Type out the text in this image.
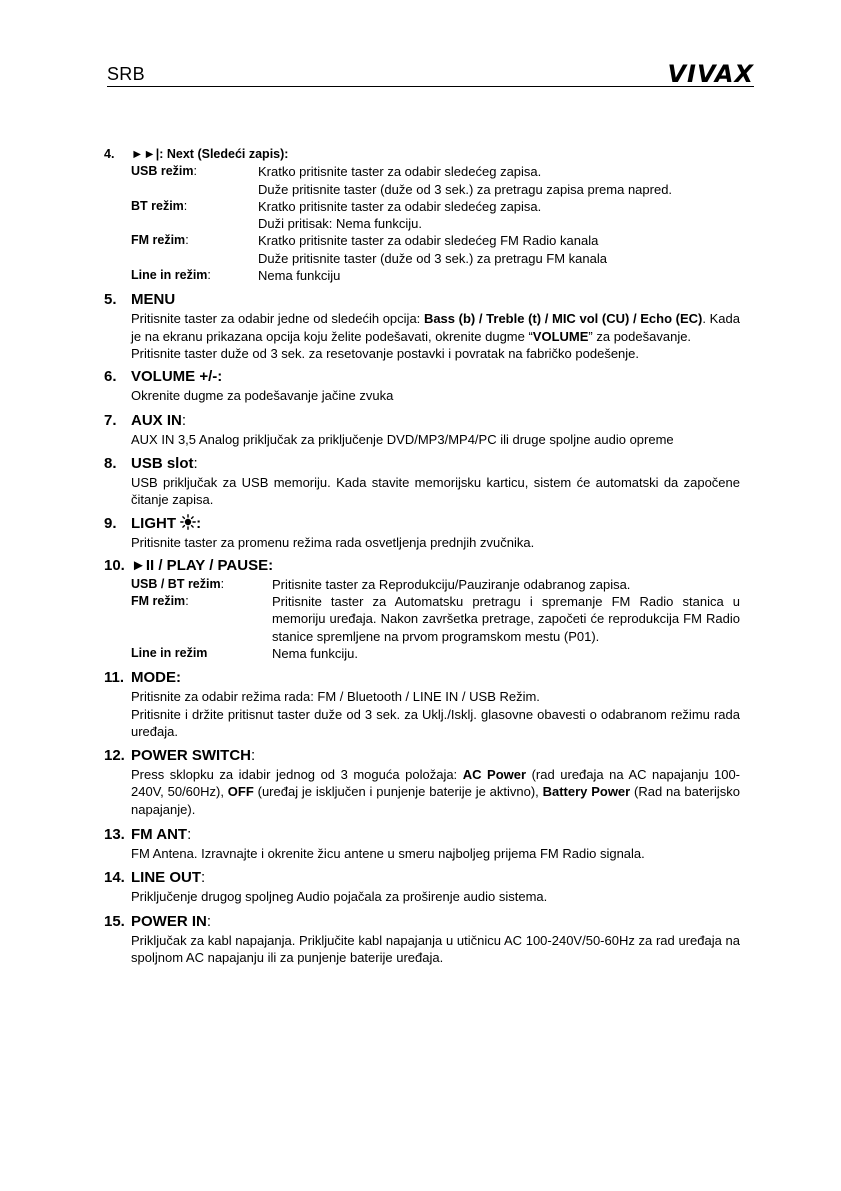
SRB	VIVAX
4. ►►|: Next (Sledeći zapis):
USB režim:	Kratko pritisnite taster za odabir sledećeg zapisa.
Duže pritisnite taster (duže od 3 sek.) za pretragu zapisa prema napred.
BT režim:	Kratko pritisnite taster za odabir sledećeg zapisa.
Duži pritisak: Nema funkciju.
FM režim:	Kratko pritisnite taster za odabir sledećeg FM Radio kanala
Duže pritisnite taster (duže od 3 sek.) za pretragu FM kanala
Line in režim:	Nema funkciju
5. MENU

Pritisnite taster za odabir jedne od sledećih opcija: Bass (b) / Treble (t) / MIC vol (CU) / Echo (EC). Kada je na ekranu prikazana opcija koju želite podešavati, okrenite dugme “VOLUME” za podešavanje.

Pritisnite taster duže od 3 sek. za resetovanje postavki i povratak na fabričko podešenje.

6. VOLUME +/-:

Okrenite dugme za podešavanje jačine zvuka

7. AUX IN:

AUX IN 3,5 Analog priključak za priključenje DVD/MP3/MP4/PC ili druge spoljne audio opreme

8. USB slot:

USB priključak za USB memoriju. Kada stavite memorijsku karticu, sistem će automatski da započene čitanje zapisa.

9. LIGHT :

Pritisnite taster za promenu režima rada osvetljenja prednjih zvučnika.

10. ►II / PLAY / PAUSE:
USB / BT režim:	Pritisnite taster za Reprodukciju/Pauziranje odabranog zapisa.
FM režim:	Pritisnite taster za Automatsku pretragu i spremanje FM Radio stanica u memoriju uređaja. Nakon završetka pretrage, započeti će reprodukcija FM Radio stanice spremljene na prvom programskom mestu (P01).
Line in režim	Nema funkciju.
11. MODE:

Pritisnite za odabir režima rada: FM / Bluetooth / LINE IN / USB Režim.

Pritisnite i držite pritisnut taster duže od 3 sek. za Uklj./Isklj. glasovne obavesti o odabranom režimu rada uređaja.

12. POWER SWITCH:

Press sklopku za idabir jednog od 3 moguća položaja: AC Power (rad uređaja na AC napajanju 100-240V, 50/60Hz), OFF (uređaj je isključen i punjenje baterije je aktivno), Battery Power (Rad na baterijsko napajanje).

13. FM ANT:

FM Antena. Izravnajte i okrenite žicu antene u smeru najboljeg prijema FM Radio signala.

14. LINE OUT:

Priključenje drugog spoljneg Audio pojačala za proširenje audio sistema.

15. POWER IN:

Priključak za kabl napajanja. Priključite kabl napajanja u utičnicu AC 100-240V/50-60Hz za rad uređaja na spoljnom AC napajanju ili za punjenje baterije uređaja.
